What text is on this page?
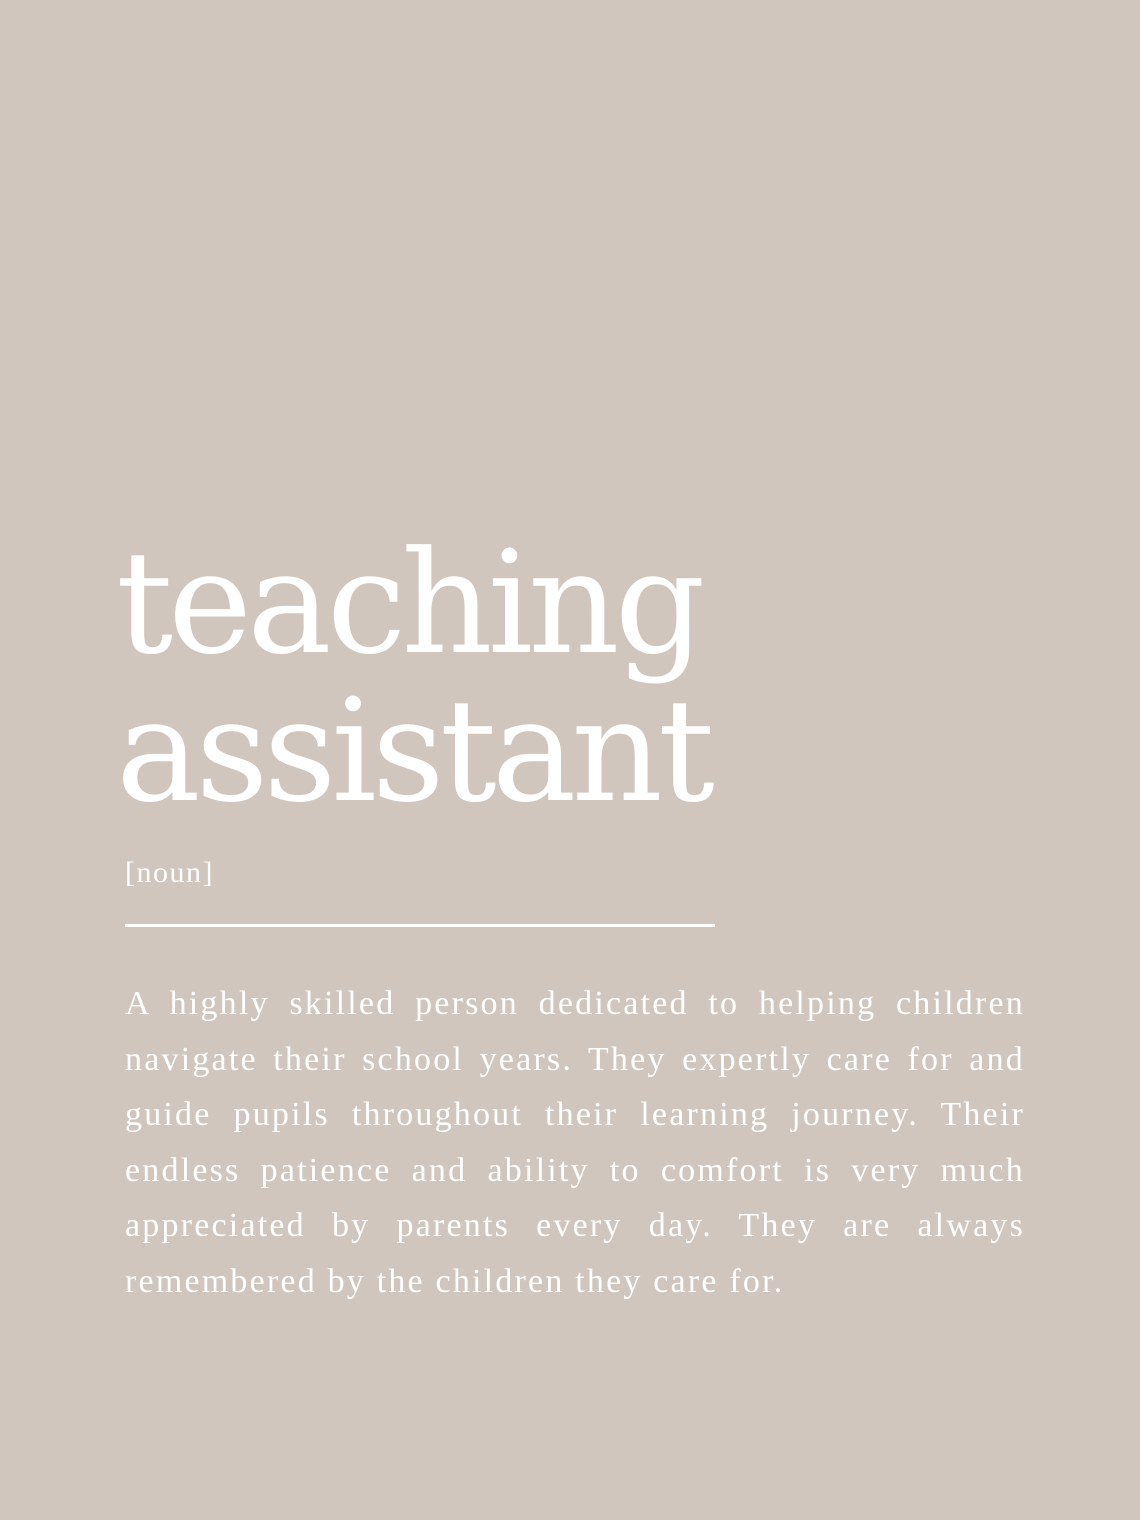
teaching
assistant
[noun]

A highly skilled person dedicated to helping children navigate their school years. They expertly care for and guide pupils throughout their learning journey. Their endless patience and ability to comfort is very much appreciated by parents every day. They are always remembered by the children they care for.
